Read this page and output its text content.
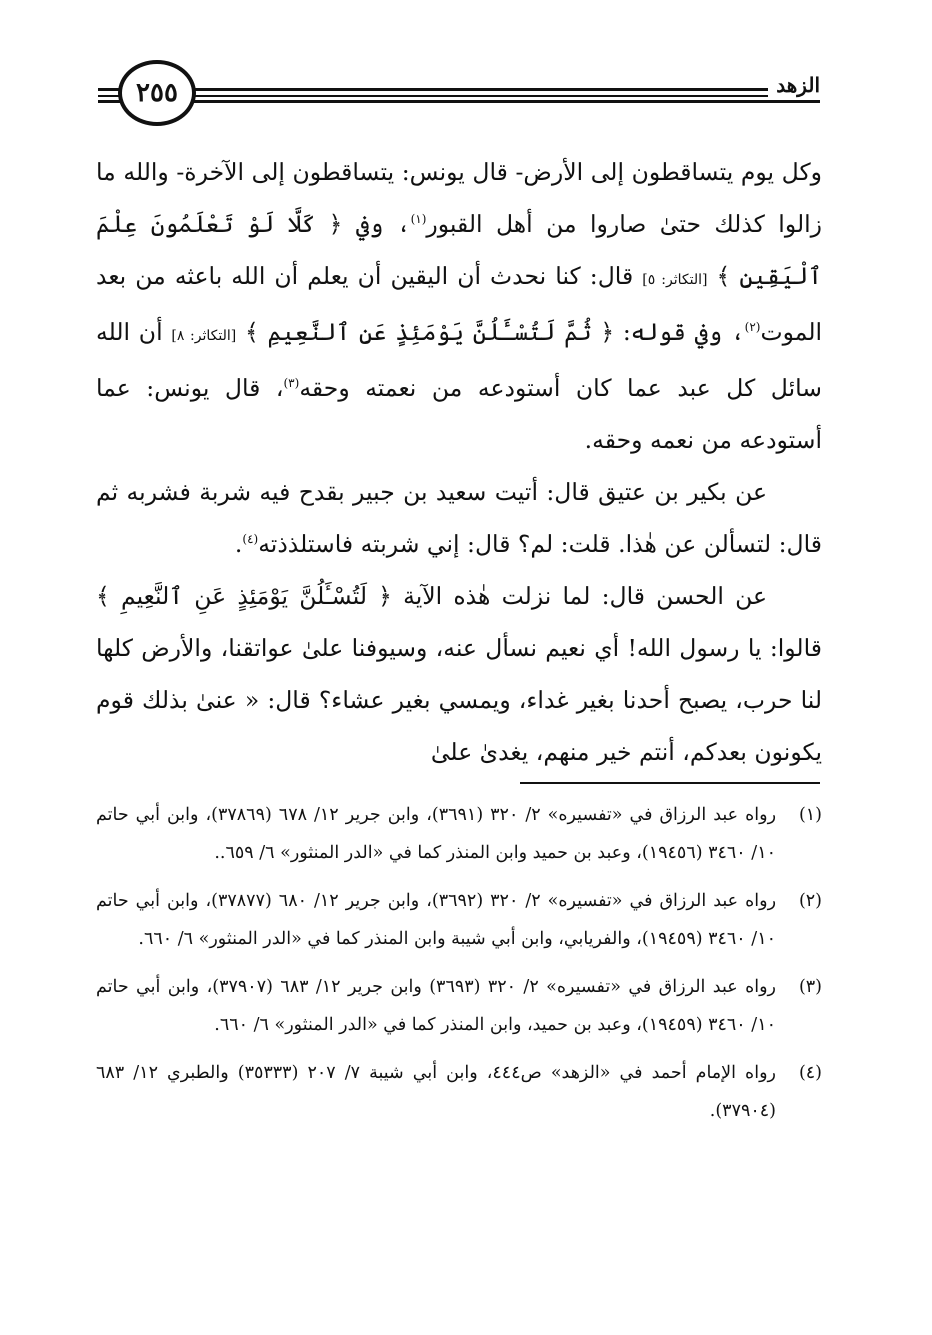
الزهد
٢٥٥

وكل يوم يتساقطون إلى الأرض- قال يونس: يتساقطون إلى الآخرة- والله ما زالوا كذلك حتىٰ صاروا من أهل القبور$^{(١)}$، وفي ﴿ كَلَّا لَوْ تَعْلَمُونَ عِلْمَ ٱلْيَقِينِ ﴾ [التكاثر: ٥] قال: كنا نحدث أن اليقين أن يعلم أن الله باعثه من بعد الموت$^{(٢)}$، وفي قوله: ﴿ ثُمَّ لَتُسْـَٔلُنَّ يَوْمَئِذٍ عَنِ ٱلنَّعِيمِ ﴾ [التكاثر: ٨] أن الله سائل كل عبد عما كان أستودعه من نعمته وحقه$^{(٣)}$، قال يونس: عما أستودعه من نعمه وحقه.

عن بكير بن عتيق قال: أتيت سعيد بن جبير بقدح فيه شربة فشربه ثم قال: لتسألن عن هٰذا. قلت: لم؟ قال: إني شربته فاستلذذته$^{(٤)}$.

عن الحسن قال: لما نزلت هٰذه الآية ﴿ لَتُسْـَٔلُنَّ يَوْمَئِذٍ عَنِ ٱلنَّعِيمِ ﴾ قالوا: يا رسول الله! أي نعيم نسأل عنه، وسيوفنا علىٰ عواتقنا، والأرض كلها لنا حرب، يصبح أحدنا بغير غداء، ويمسي بغير عشاء؟ قال: « عنىٰ بذلك قوم يكونون بعدكم، أنتم خير منهم، يغدىٰ علىٰ

(١)
رواه عبد الرزاق في «تفسيره» ٢/ ٣٢٠ (٣٦٩١)، وابن جرير ١٢/ ٦٧٨ (٣٧٨٦٩)، وابن أبي حاتم ١٠/ ٣٤٦٠ (١٩٤٥٦)، وعبد بن حميد وابن المنذر كما في «الدر المنثور» ٦/ ٦٥٩..
(٢)
رواه عبد الرزاق في «تفسيره» ٢/ ٣٢٠ (٣٦٩٢)، وابن جرير ١٢/ ٦٨٠ (٣٧٨٧٧)، وابن أبي حاتم ١٠/ ٣٤٦٠ (١٩٤٥٩)، والفريابي، وابن أبي شيبة وابن المنذر كما في «الدر المنثور» ٦/ ٦٦٠.
(٣)
رواه عبد الرزاق في «تفسيره» ٢/ ٣٢٠ (٣٦٩٣) وابن جرير ١٢/ ٦٨٣ (٣٧٩٠٧)، وابن أبي حاتم ١٠/ ٣٤٦٠ (١٩٤٥٩)، وعبد بن حميد، وابن المنذر كما في «الدر المنثور» ٦/ ٦٦٠.
(٤)
رواه الإمام أحمد في «الزهد» ص٤٤٤، وابن أبي شيبة ٧/ ٢٠٧ (٣٥٣٣٣) والطبري ١٢/ ٦٨٣ (٣٧٩٠٤).
